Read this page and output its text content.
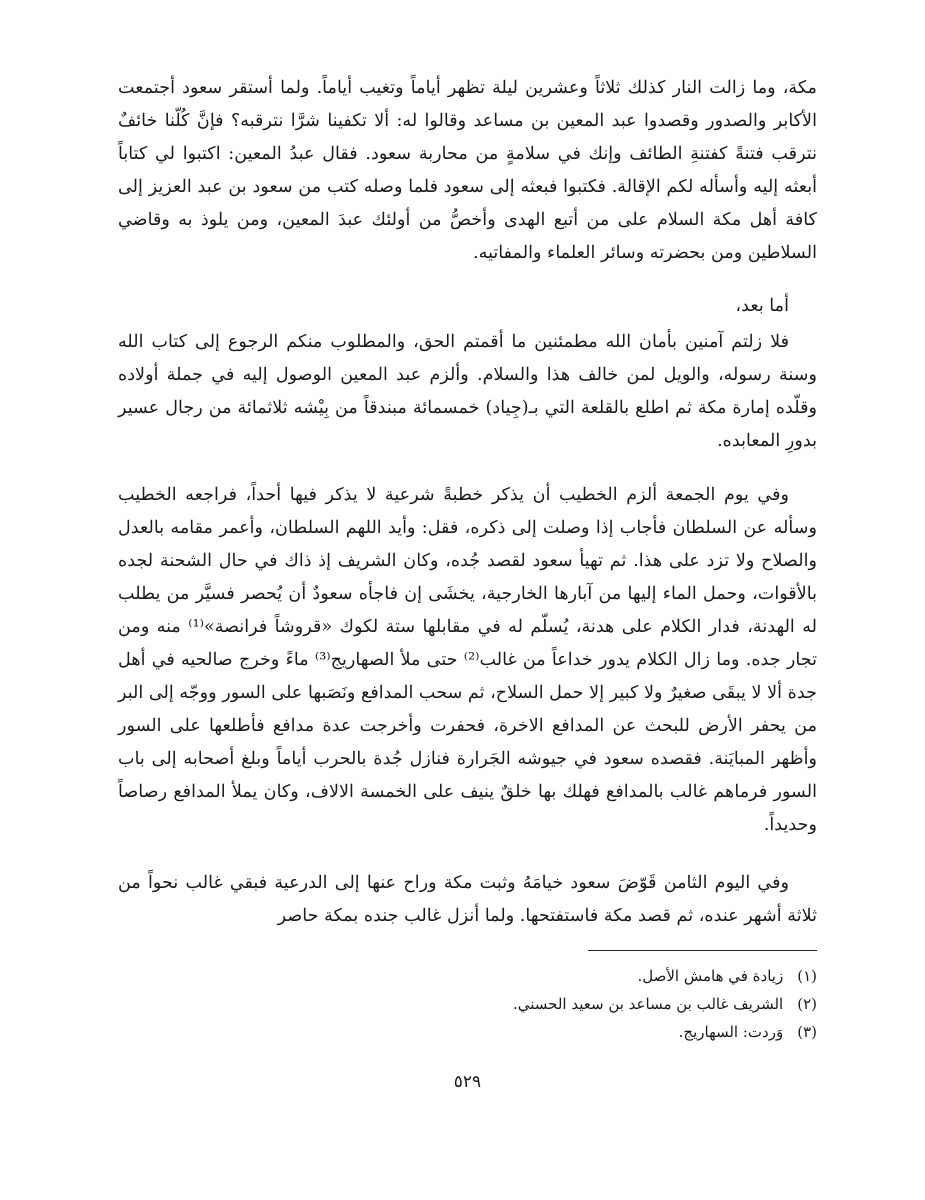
مكة، وما زالت النار كذلك ثلاثاً وعشرين ليلة تظهر أياماً وتغيب أياماً. ولما أستقر سعود أجتمعت الأكابر والصدور وقصدوا عبد المعين بن مساعد وقالوا له: ألا تكفينا شرَّا نترقبه؟ فإنَّ كُلّنا خائفٌ نترقب فتنةً كفتنةِ الطائف وإنك في سلامةٍ من محاربة سعود. فقال عبدُ المعين: اكتبوا لي كتاباً أبعثه إليه وأسأله لكم الإقالة. فكتبوا فبعثه إلى سعود فلما وصله كتب من سعود بن عبد العزيز إلى كافة أهل مكة السلام على من أتبع الهدى وأخصُّ من أولئك عبدَ المعين، ومن يلوذ به وقاضي السلاطين ومن بحضرته وسائر العلماء والمفاتيه.

أما بعد،

فلا زلتم آمنين بأمان الله مطمئنين ما أقمتم الحق، والمطلوب منكم الرجوع إلى كتاب الله وسنة رسوله، والويل لمن خالف هذا والسلام. وألزم عبد المعين الوصول إليه في جملة أولاده وقلّده إمارة مكة ثم اطلع بالقلعة التي بـ(جِياد) خمسمائة مبندقاً من بِيْشه ثلاثمائة من رجال عسير بدورِ المعابده.

وفي يوم الجمعة ألزم الخطيب أن يذكر خطبةً شرعية لا يذكر فيها أحداً، فراجعه الخطيب وسأله عن السلطان فأجاب إذا وصلت إلى ذكره، فقل: وأيد اللهم السلطان، وأعمر مقامه بالعدل والصلاح ولا تزد على هذا. ثم تهيأ سعود لقصد جُده، وكان الشريف إذ ذاك في حال الشحنة لجده بالأقوات، وحمل الماء إليها من آبارها الخارجية، يخشَى إن فاجأه سعودٌ أن يُحصر فسيَّر من يطلب له الهدنة، فدار الكلام على هدنة، يُسلّم له في مقابلها ستة لكوك «قروشاً فرانصة»⁽¹⁾ منه ومن تجار جده. وما زال الكلام يدور خداعاً من غالب⁽²⁾ حتى ملأ الصهاريج⁽³⁾ ماءً وخرج صالحيه في أهل جدة ألا لا يبقَى صغيرٌ ولا كبير إلا حمل السلاح، ثم سحب المدافع ونَصَبها على السور ووجّه إلى البر من يحفر الأرض للبحث عن المدافع الاخرة، فحفرت وأخرجت عدة مدافع فأطلعها على السور وأظهر المبايَنة. فقصده سعود في جيوشه الجَرارة فنازل جُدة بالحرب أياماً وبلغ أصحابه إلى باب السور فرماهم غالب بالمدافع فهلك بها خلقٌ ينيف على الخمسة الالاف، وكان يملأ المدافع رصاصاً وحديداً.

وفي اليوم الثامن قَوّضَ سعود خيامَهُ وثبت مكة وراح عنها إلى الدرعية فبقي غالب نحواً من ثلاثة أشهر عنده، ثم قصد مكة فاستفتحها. ولما أنزل غالب جنده بمكة حاصر

(١)زيادة في هامش الأصل.

(٢)الشريف غالب بن مساعد بن سعيد الحسني.

(٣)وَردت: السهاريج.

٥٢٩
